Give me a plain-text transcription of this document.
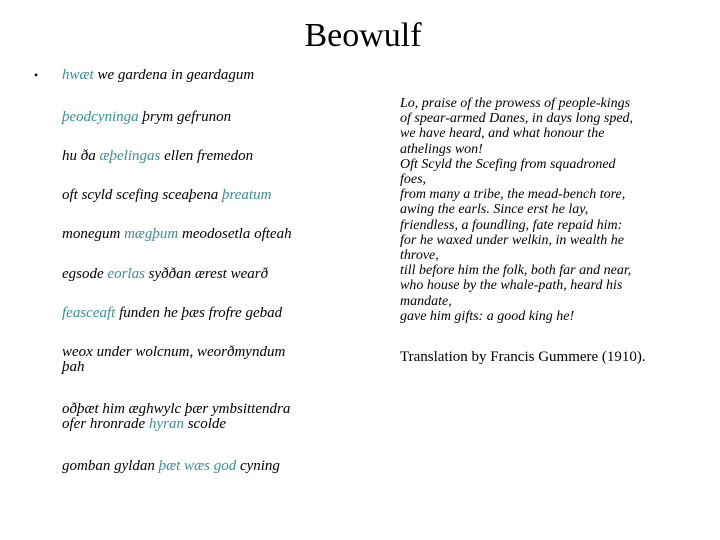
Beowulf
• hwæt we gardena in geardagum
þeodcyninga þrym gefrunon
hu ða æþelingas ellen fremedon
oft scyld scefing sceaþena þreatum
monegum mægþum meodosetla ofteah
egsode eorlas syððan ærest wearð
feasceaft funden he þæs frofre gebad
weox under wolcnum, weorðmyndum
þah
oðþæt him æghwylc þær ymbsittendra
ofer hronrade hyran scolde
gomban gyldan þæt wæs god cyning
Lo, praise of the prowess of people-kings
of spear-armed Danes, in days long sped,
we have heard, and what honour the
athelings won!
Oft Scyld the Scefing from squadroned
foes,
from many a tribe, the mead-bench tore,
awing the earls. Since erst he lay,
friendless, a foundling, fate repaid him:
for he waxed under welkin, in wealth he
throve,
till before him the folk, both far and near,
who house by the whale-path, heard his
mandate,
gave him gifts: a good king he!
Translation by Francis Gummere (1910).
